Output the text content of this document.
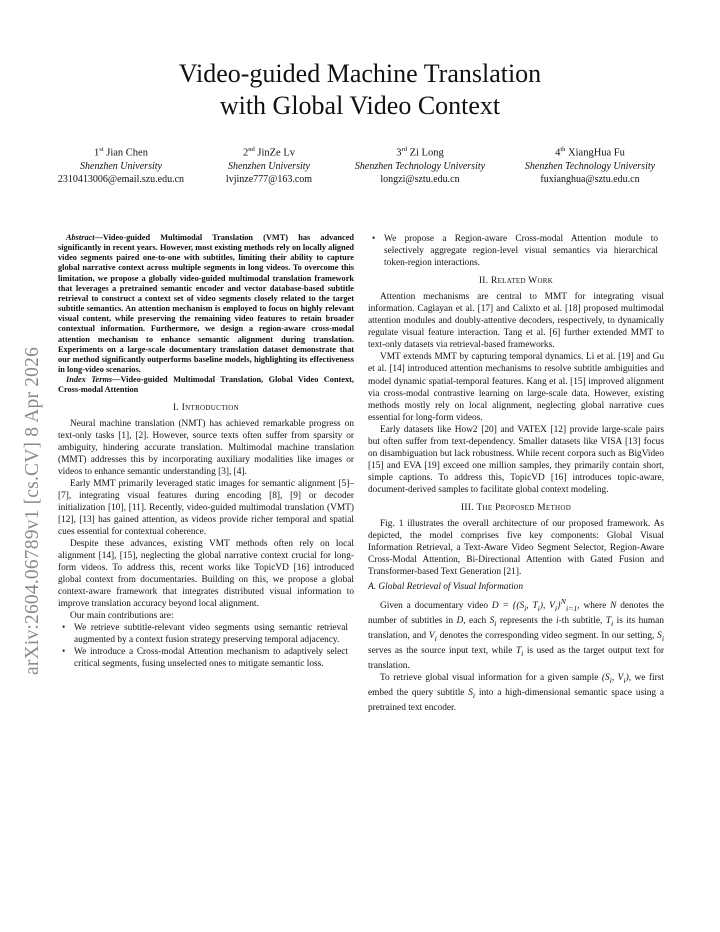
arXiv:2604.06789v1 [cs.CV] 8 Apr 2026
Video-guided Machine Translation
with Global Video Context
1st Jian Chen
Shenzhen University
2310413006@email.szu.edu.cn
2nd JinZe Lv
Shenzhen University
lvjinze777@163.com
3rd Zi Long
Shenzhen Technology University
longzi@sztu.edu.cn
4th XiangHua Fu
Shenzhen Technology University
fuxianghua@sztu.edu.cn

Abstract—Video-guided Multimodal Translation (VMT) has advanced significantly in recent years. However, most existing methods rely on locally aligned video segments paired one-to-one with subtitles, limiting their ability to capture global narrative context across multiple segments in long videos. To overcome this limitation, we propose a globally video-guided multimodal translation framework that leverages a pretrained semantic encoder and vector database-based subtitle retrieval to construct a context set of video segments closely related to the target subtitle semantics. An attention mechanism is employed to focus on highly relevant visual content, while preserving the remaining video features to retain broader contextual information. Furthermore, we design a region-aware cross-modal attention mechanism to enhance semantic alignment during translation. Experiments on a large-scale documentary translation dataset demonstrate that our method significantly outperforms baseline models, highlighting its effectiveness in long-video scenarios.

Index Terms—Video-guided Multimodal Translation, Global Video Context, Cross-modal Attention

I. Introduction

Neural machine translation (NMT) has achieved remarkable progress on text-only tasks [1], [2]. However, source texts often suffer from sparsity or ambiguity, hindering accurate translation. Multimodal machine translation (MMT) addresses this by incorporating auxiliary modalities like images or videos to enhance semantic understanding [3], [4].

Early MMT primarily leveraged static images for semantic alignment [5]–[7], integrating visual features during encoding [8], [9] or decoder initialization [10], [11]. Recently, video-guided multimodal translation (VMT) [12], [13] has gained attention, as videos provide richer temporal and spatial cues essential for contextual coherence.

Despite these advances, existing VMT methods often rely on local alignment [14], [15], neglecting the global narrative context crucial for long-form videos. To address this, recent works like TopicVD [16] introduced global context from documentaries. Building on this, we propose a global context-aware framework that integrates distributed visual information to improve translation accuracy beyond local alignment.

Our main contributions are:

• We retrieve subtitle-relevant video segments using semantic retrieval augmented by a context fusion strategy preserving temporal adjacency.
• We introduce a Cross-modal Attention mechanism to adaptively select critical segments, fusing unselected ones to mitigate semantic loss.
• We propose a Region-aware Cross-modal Attention module to selectively aggregate region-level visual semantics via hierarchical token-region interactions.
II. Related Work

Attention mechanisms are central to MMT for integrating visual information. Caglayan et al. [17] and Calixto et al. [18] proposed multimodal attention modules and doubly-attentive decoders, respectively, to dynamically regulate visual feature interaction. Tang et al. [6] further extended MMT to text-only datasets via retrieval-based frameworks.

VMT extends MMT by capturing temporal dynamics. Li et al. [19] and Gu et al. [14] introduced attention mechanisms to resolve subtitle ambiguities and model dynamic spatial-temporal features. Kang et al. [15] improved alignment via cross-modal contrastive learning on large-scale data. However, existing methods mostly rely on local alignment, neglecting global narrative cues essential for long-form videos.

Early datasets like How2 [20] and VATEX [12] provide large-scale pairs but often suffer from text-dependency. Smaller datasets like VISA [13] focus on disambiguation but lack robustness. While recent corpora such as BigVideo [15] and EVA [19] exceed one million samples, they primarily contain short, simple captions. To address this, TopicVD [16] introduces topic-aware, document-derived samples to facilitate global context modeling.

III. The Proposed Method

Fig. 1 illustrates the overall architecture of our proposed framework. As depicted, the model comprises five key components: Global Visual Information Retrieval, a Text-Aware Video Segment Selector, Region-Aware Cross-Modal Attention, Bi-Directional Attention with Gated Fusion and Transformer-based Text Generation [21].

A. Global Retrieval of Visual Information

Given a documentary video $D = \{(S_i$, $T_i$), $V_i\}^N_{i=1}$, where N denotes the number of subtitles in D, each $S_i$ represents the i-th subtitle, $T_i$ is its human translation, and $V_i$ denotes the corresponding video segment. In our setting, $S_i$ serves as the source input text, while $T_i$ is used as the target output text for translation.

To retrieve global visual information for a given sample ($S_i$, $V_i$), we first embed the query subtitle $S_i$ into a high-dimensional semantic space using a pretrained text encoder.
